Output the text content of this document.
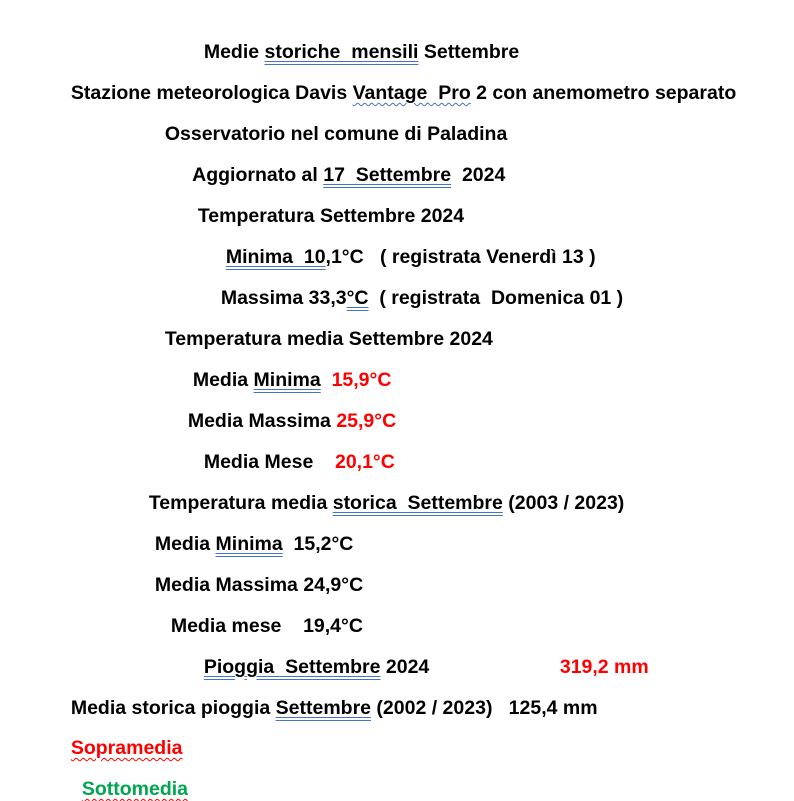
Medie storiche  mensili Settembre

Stazione meteorologica Davis Vantage  Pro 2 con anemometro separato

Osservatorio nel comune di Paladina

Aggiornato al 17  Settembre  2024

Temperatura Settembre 2024

Minima  10,1°C   ( registrata Venerdì 13 )

Massima 33,3°C  ( registrata  Domenica 01 )

Temperatura media Settembre 2024

Media Minima 15,9°C

Media Massima 25,9°C

Media Mese    20,1°C

Temperatura media storica  Settembre (2003 / 2023)

Media Minima  15,2°C

Media Massima 24,9°C

Media mese    19,4°C

Pioggia  Settembre 2024	319,2 mm

Media storica pioggia Settembre (2002 / 2023)   125,4 mm

Sopramedia

Sottomedia
